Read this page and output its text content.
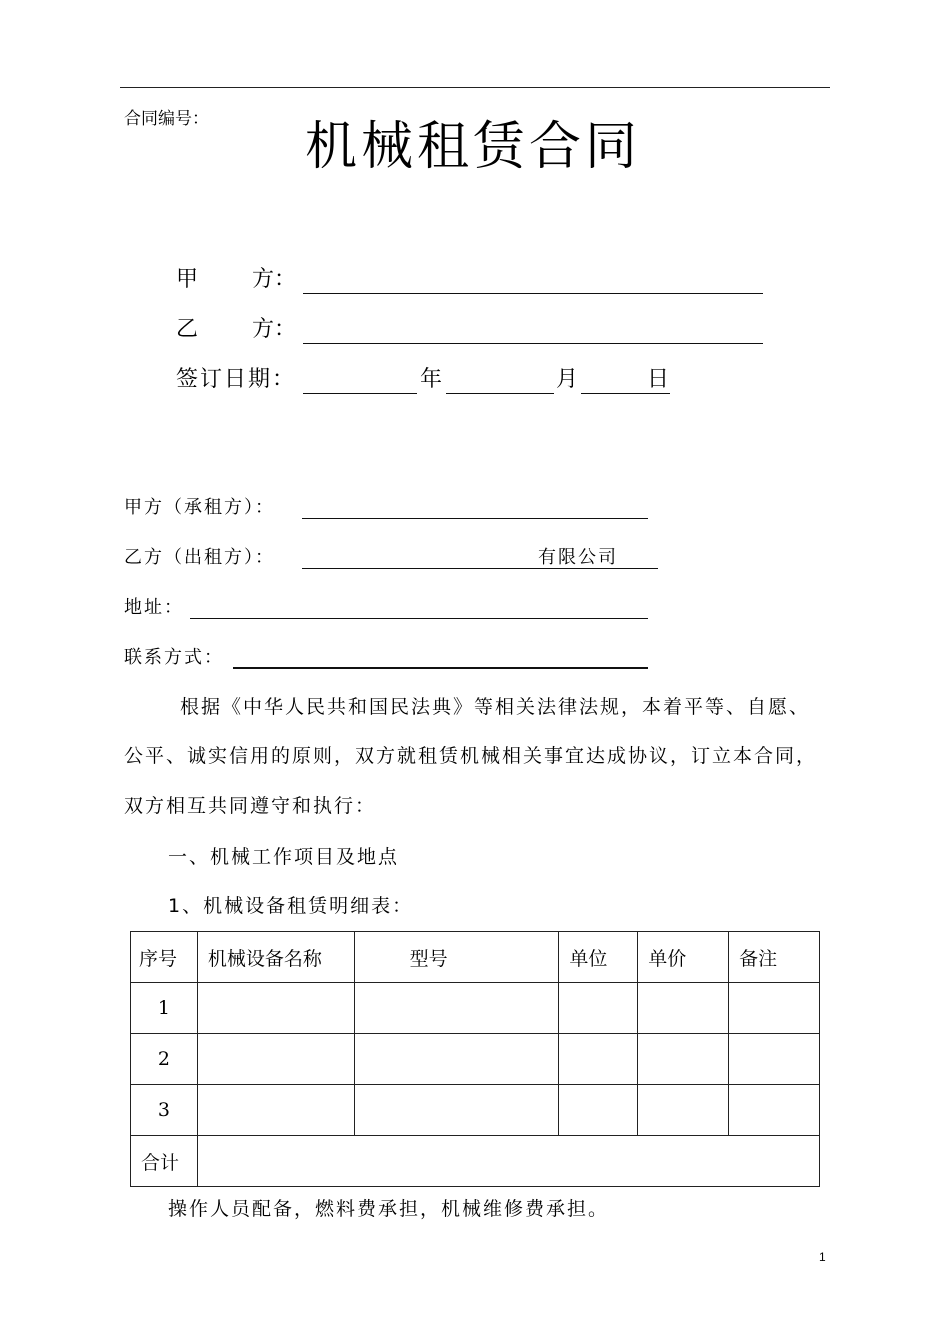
合同编号： 机械租赁合同
甲 方：
乙 方：
签订日期：	年	月	日
甲方（承租方）：
乙方（出租方）：	有限公司
地址：
联系方式：
根据《中华人民共和国民法典》等相关法律法规，本着平等、自愿、
公平、诚实信用的原则，双方就租赁机械相关事宜达成协议，订立本合同，
双方相互共同遵守和执行：
一、机械工作项目及地点
1、机械设备租赁明细表：
序号	机械设备名称	型号	单位	单价	备注
1					
2					
3					
合计					
操作人员配备，燃料费承担，机械维修费承担。
1
